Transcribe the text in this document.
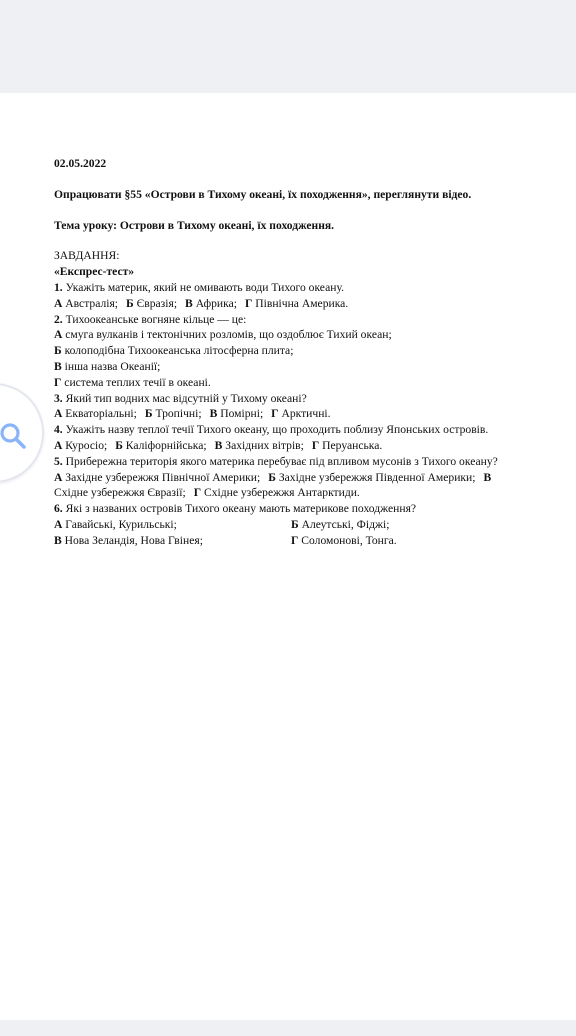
02.05.2022
Опрацювати §55 «Острови в Тихому океані, їх походження», переглянути відео.
Тема уроку: Острови в Тихому океані, їх походження.
ЗАВДАННЯ:
«Експрес-тест»
1. Укажіть материк, який не омивають води Тихого океану.
А Австралія; Б Євразія; В Африка; Г Північна Америка.
2. Тихоокеанське вогняне кільце — це:
А смуга вулканів і тектонічних розломів, що оздоблює Тихий океан;
Б колоподібна Тихоокеанська літосферна плита;
В інша назва Океанії;
Г система теплих течії в океані.
3. Який тип водних мас відсутній у Тихому океані?
А Екваторіальні; Б Тропічні; В Помірні; Г Арктичні.
4. Укажіть назву теплої течії Тихого океану, що проходить поблизу Японських островів.
А Куросіо; Б Каліфорнійська; В Західних вітрів; Г Перуанська.
5. Прибережна територія якого материка перебуває під впливом мусонів з Тихого океану?
А Західне узбережжя Північної Америки; Б Західне узбережжя Південної Америки; В
Східне узбережжя Євразії; Г Східне узбережжя Антарктиди.
6. Які з названих островів Тихого океану мають материкове походження?
А Гавайські, Курильські;	Б Алеутські, Фіджі;
В Нова Зеландія, Нова Гвінея;	Г Соломонові, Тонга.
